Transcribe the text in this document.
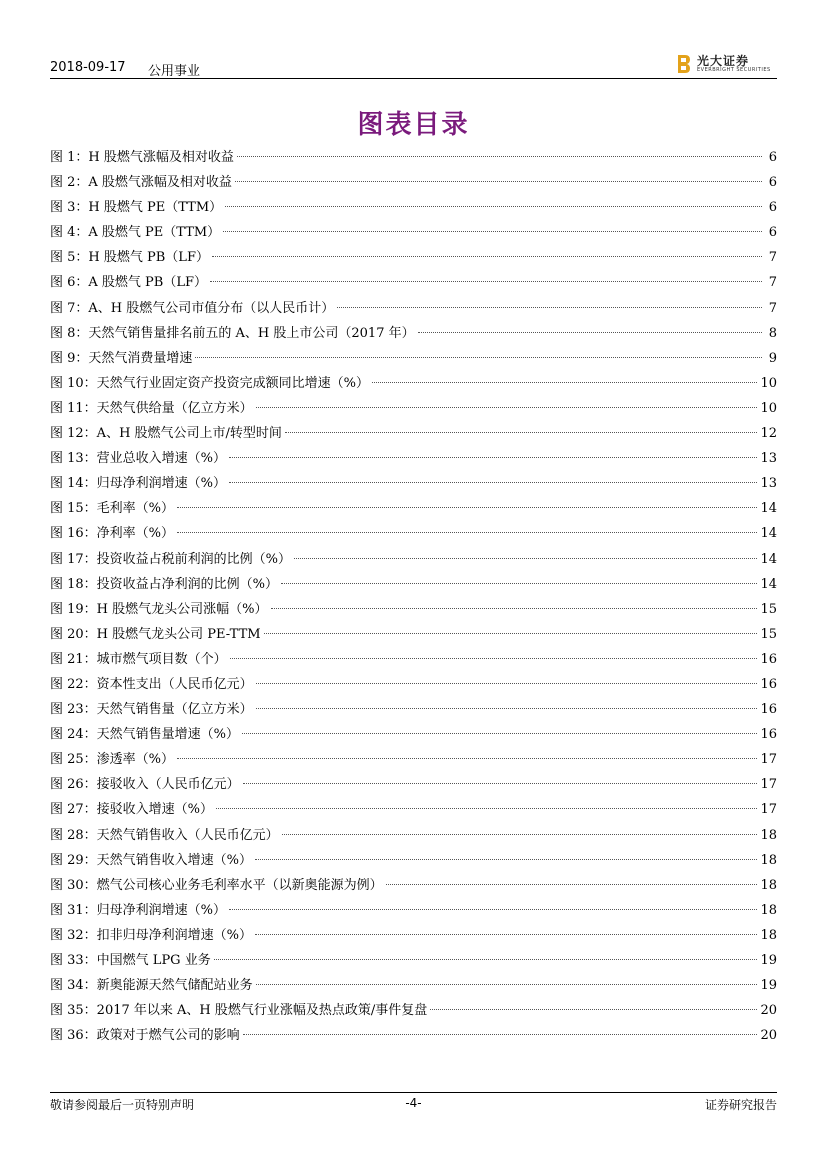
2018-09-17 公用事业
光大证券
EVERBRIGHT SECURITIES
图表目录
图 1：H 股燃气涨幅及相对收益	6
图 2：A 股燃气涨幅及相对收益	6
图 3：H 股燃气 PE（TTM）	6
图 4：A 股燃气 PE（TTM）	6
图 5：H 股燃气 PB（LF）	7
图 6：A 股燃气 PB（LF）	7
图 7：A、H 股燃气公司市值分布（以人民币计）	7
图 8：天然气销售量排名前五的 A、H 股上市公司（2017 年）	8
图 9：天然气消费量增速	9
图 10：天然气行业固定资产投资完成额同比增速（%）	10
图 11：天然气供给量（亿立方米）	10
图 12：A、H 股燃气公司上市/转型时间	12
图 13：营业总收入增速（%）	13
图 14：归母净利润增速（%）	13
图 15：毛利率（%）	14
图 16：净利率（%）	14
图 17：投资收益占税前利润的比例（%）	14
图 18：投资收益占净利润的比例（%）	14
图 19：H 股燃气龙头公司涨幅（%）	15
图 20：H 股燃气龙头公司 PE-TTM	15
图 21：城市燃气项目数（个）	16
图 22：资本性支出（人民币亿元）	16
图 23：天然气销售量（亿立方米）	16
图 24：天然气销售量增速（%）	16
图 25：渗透率（%）	17
图 26：接驳收入（人民币亿元）	17
图 27：接驳收入增速（%）	17
图 28：天然气销售收入（人民币亿元）	18
图 29：天然气销售收入增速（%）	18
图 30：燃气公司核心业务毛利率水平（以新奥能源为例）	18
图 31：归母净利润增速（%）	18
图 32：扣非归母净利润增速（%）	18
图 33：中国燃气 LPG 业务	19
图 34：新奥能源天然气储配站业务	19
图 35：2017 年以来 A、H 股燃气行业涨幅及热点政策/事件复盘	20
图 36：政策对于燃气公司的影响	20
敬请参阅最后一页特别声明	-4-	证券研究报告
